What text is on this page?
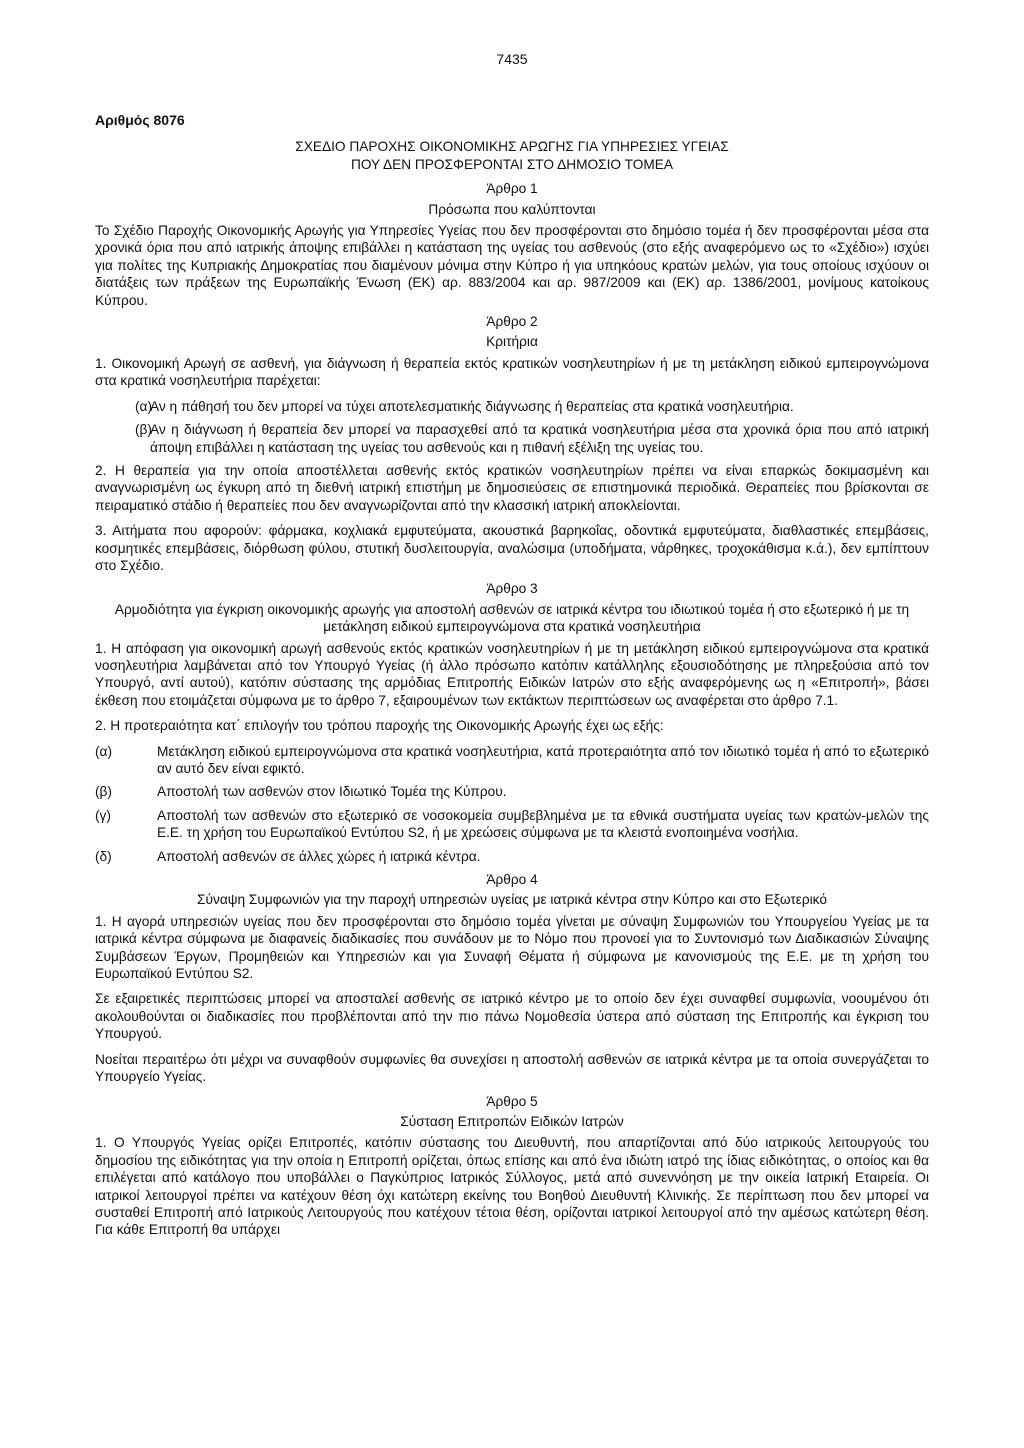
7435

Αριθμός 8076

ΣΧΕΔΙΟ ΠΑΡΟΧΗΣ ΟΙΚΟΝΟΜΙΚΗΣ ΑΡΩΓΗΣ ΓΙΑ ΥΠΗΡΕΣΙΕΣ ΥΓΕΙΑΣ
ΠΟΥ ΔΕΝ ΠΡΟΣΦΕΡΟΝΤΑΙ ΣΤΟ ΔΗΜΟΣΙΟ ΤΟΜΕΑ

Άρθρο 1

Πρόσωπα που καλύπτονται

Το Σχέδιο Παροχής Οικονομικής Αρωγής για Υπηρεσίες Υγείας που δεν προσφέρονται στο δημόσιο τομέα ή δεν προσφέρονται μέσα στα χρονικά όρια που από ιατρικής άποψης επιβάλλει η κατάσταση της υγείας του ασθενούς (στο εξής αναφερόμενο ως το «Σχέδιο») ισχύει για πολίτες της Κυπριακής Δημοκρατίας που διαμένουν μόνιμα στην Κύπρο ή για υπηκόους κρατών μελών, για τους οποίους ισχύουν οι διατάξεις των πράξεων της Ευρωπαϊκής Ένωση (ΕΚ) αρ. 883/2004 και αρ. 987/2009 και (ΕΚ) αρ. 1386/2001, μονίμους κατοίκους Κύπρου.

Άρθρο 2

Κριτήρια

1. Οικονομική Αρωγή σε ασθενή, για διάγνωση ή θεραπεία εκτός κρατικών νοσηλευτηρίων ή με τη μετάκληση ειδικού εμπειρογνώμονα στα κρατικά νοσηλευτήρια παρέχεται:

(α)
Αν η πάθησή του δεν μπορεί να τύχει αποτελεσματικής διάγνωσης ή θεραπείας στα κρατικά νοσηλευτήρια.
(β)
Αν η διάγνωση ή θεραπεία δεν μπορεί να παρασχεθεί από τα κρατικά νοσηλευτήρια μέσα στα χρονικά όρια που από ιατρική άποψη επιβάλλει η κατάσταση της υγείας του ασθενούς και η πιθανή εξέλιξη της υγείας του.

2. Η θεραπεία για την οποία αποστέλλεται ασθενής εκτός κρατικών νοσηλευτηρίων πρέπει να είναι επαρκώς δοκιμασμένη και αναγνωρισμένη ως έγκυρη από τη διεθνή ιατρική επιστήμη με δημοσιεύσεις σε επιστημονικά περιοδικά. Θεραπείες που βρίσκονται σε πειραματικό στάδιο ή θεραπείες που δεν αναγνωρίζονται από την κλασσική ιατρική αποκλείονται.

3. Αιτήματα που αφορούν: φάρμακα, κοχλιακά εμφυτεύματα, ακουστικά βαρηκοΐας, οδοντικά εμφυτεύματα, διαθλαστικές επεμβάσεις, κοσμητικές επεμβάσεις, διόρθωση φύλου, στυτική δυσλειτουργία, αναλώσιμα (υποδήματα, νάρθηκες, τροχοκάθισμα κ.ά.), δεν εμπίπτουν στο Σχέδιο.

Άρθρο 3

Αρμοδιότητα για έγκριση οικονομικής αρωγής για αποστολή ασθενών σε ιατρικά κέντρα του ιδιωτικού τομέα ή στο εξωτερικό ή με τη μετάκληση ειδικού εμπειρογνώμονα στα κρατικά νοσηλευτήρια

1. Η απόφαση για οικονομική αρωγή ασθενούς εκτός κρατικών νοσηλευτηρίων ή με τη μετάκληση ειδικού εμπειρογνώμονα στα κρατικά νοσηλευτήρια λαμβάνεται από τον Υπουργό Υγείας (ή άλλο πρόσωπο κατόπιν κατάλληλης εξουσιοδότησης με πληρεξούσια από τον Υπουργό, αντί αυτού), κατόπιν σύστασης της αρμόδιας Επιτροπής Ειδικών Ιατρών στο εξής αναφερόμενης ως η «Επιτροπή», βάσει έκθεση που ετοιμάζεται σύμφωνα με το άρθρο 7, εξαιρουμένων των εκτάκτων περιπτώσεων ως αναφέρεται στο άρθρο 7.1.

2. Η προτεραιότητα κατ΄ επιλογήν του τρόπου παροχής της Οικονομικής Αρωγής έχει ως εξής:

(α)	Μετάκληση ειδικού εμπειρογνώμονα στα κρατικά νοσηλευτήρια, κατά προτεραιότητα από τον ιδιωτικό τομέα ή από το εξωτερικό αν αυτό δεν είναι εφικτό.
(β)	Αποστολή των ασθενών στον Ιδιωτικό Τομέα της Κύπρου.
(γ)	Αποστολή των ασθενών στο εξωτερικό σε νοσοκομεία συμβεβλημένα με τα εθνικά συστήματα υγείας των κρατών-μελών της Ε.Ε. τη χρήση του Ευρωπαϊκού Εντύπου S2, ή με χρεώσεις σύμφωνα με τα κλειστά ενοποιημένα νοσήλια.
(δ)	Αποστολή ασθενών σε άλλες χώρες ή ιατρικά κέντρα.

Άρθρο 4

Σύναψη Συμφωνιών για την παροχή υπηρεσιών υγείας με ιατρικά κέντρα στην Κύπρο και στο Εξωτερικό

1. Η αγορά υπηρεσιών υγείας που δεν προσφέρονται στο δημόσιο τομέα γίνεται με σύναψη Συμφωνιών του Υπουργείου Υγείας με τα ιατρικά κέντρα σύμφωνα με διαφανείς διαδικασίες που συνάδουν με το Νόμο που προνοεί για το Συντονισμό των Διαδικασιών Σύναψης Συμβάσεων Έργων, Προμηθειών και Υπηρεσιών και για Συναφή Θέματα ή σύμφωνα με κανονισμούς της Ε.Ε. με τη χρήση του Ευρωπαϊκού Εντύπου S2.

Σε εξαιρετικές περιπτώσεις μπορεί να αποσταλεί ασθενής σε ιατρικό κέντρο με το οποίο δεν έχει συναφθεί συμφωνία, νοουμένου ότι ακολουθούνται οι διαδικασίες που προβλέπονται από την πιο πάνω Νομοθεσία ύστερα από σύσταση της Επιτροπής και έγκριση του Υπουργού.

Νοείται περαιτέρω ότι μέχρι να συναφθούν συμφωνίες θα συνεχίσει η αποστολή ασθενών σε ιατρικά κέντρα με τα οποία συνεργάζεται το Υπουργείο Υγείας.

Άρθρο 5

Σύσταση Επιτροπών Ειδικών Ιατρών

1. Ο Υπουργός Υγείας ορίζει Επιτροπές, κατόπιν σύστασης του Διευθυντή, που απαρτίζονται από δύο ιατρικούς λειτουργούς του δημοσίου της ειδικότητας για την οποία η Επιτροπή ορίζεται, όπως επίσης και από ένα ιδιώτη ιατρό της ίδιας ειδικότητας, ο οποίος και θα επιλέγεται από κατάλογο που υποβάλλει ο Παγκύπριος Ιατρικός Σύλλογος, μετά από συνεννόηση με την οικεία Ιατρική Εταιρεία. Οι ιατρικοί λειτουργοί πρέπει να κατέχουν θέση όχι κατώτερη εκείνης του Βοηθού Διευθυντή Κλινικής. Σε περίπτωση που δεν μπορεί να συσταθεί Επιτροπή από Ιατρικούς Λειτουργούς που κατέχουν τέτοια θέση, ορίζονται ιατρικοί λειτουργοί από την αμέσως κατώτερη θέση. Για κάθε Επιτροπή θα υπάρχει
